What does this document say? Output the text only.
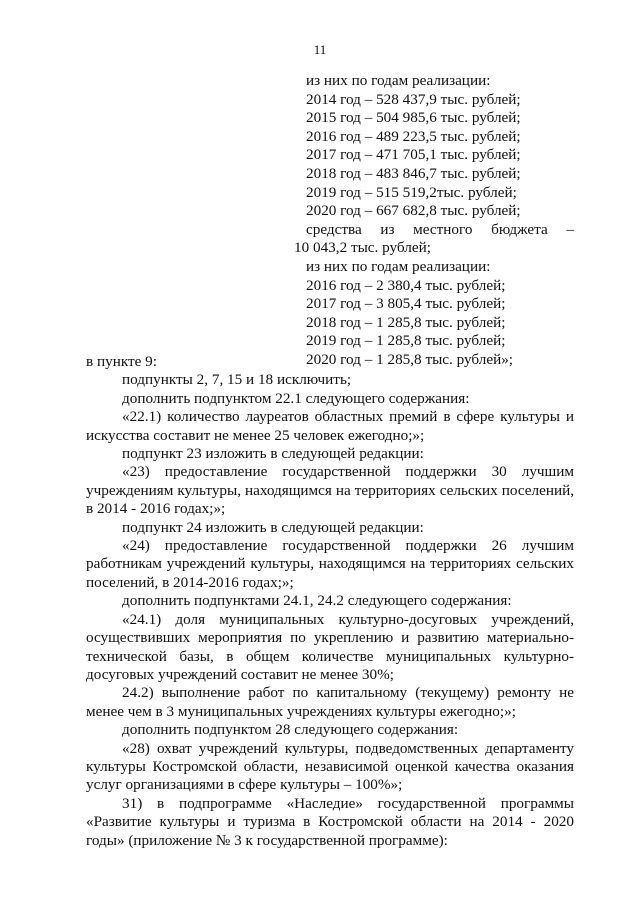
11
из них по годам реализации:
2014 год – 528 437,9 тыс. рублей;
2015 год – 504 985,6 тыс. рублей;
2016 год – 489 223,5 тыс. рублей;
2017 год – 471 705,1 тыс. рублей;
2018 год – 483 846,7 тыс. рублей;
2019 год – 515 519,2тыс. рублей;
2020 год – 667 682,8 тыс. рублей;
средства из местного бюджета –
10 043,2 тыс. рублей;
из них по годам реализации:
2016 год – 2 380,4 тыс. рублей;
2017 год – 3 805,4 тыс. рублей;
2018 год – 1 285,8 тыс. рублей;
2019 год – 1 285,8 тыс. рублей;
2020 год – 1 285,8 тыс. рублей»;

в пункте 9:

подпункты 2, 7, 15 и 18 исключить;

дополнить подпунктом 22.1 следующего содержания:

«22.1) количество лауреатов областных премий в сфере культуры и искусства составит не менее 25 человек ежегодно;»;

подпункт 23 изложить в следующей редакции:

«23) предоставление государственной поддержки 30 лучшим учреждениям культуры, находящимся на территориях сельских поселений, в 2014 - 2016 годах;»;

подпункт 24 изложить в следующей редакции:

«24) предоставление государственной поддержки 26 лучшим работникам учреждений культуры, находящимся на территориях сельских поселений, в 2014-2016 годах;»;

дополнить подпунктами 24.1, 24.2 следующего содержания:

«24.1) доля муниципальных культурно-досуговых учреждений, осуществивших мероприятия по укреплению и развитию материально-технической базы, в общем количестве муниципальных культурно-досуговых учреждений составит не менее 30%;

24.2) выполнение работ по капитальному (текущему) ремонту не менее чем в 3 муниципальных учреждениях культуры ежегодно;»;

дополнить подпунктом 28 следующего содержания:

«28) охват учреждений культуры, подведомственных департаменту культуры Костромской области, независимой оценкой качества оказания услуг организациями в сфере культуры – 100%»;

31) в подпрограмме «Наследие» государственной программы «Развитие культуры и туризма в Костромской области на 2014 - 2020 годы» (приложение № 3 к государственной программе):
